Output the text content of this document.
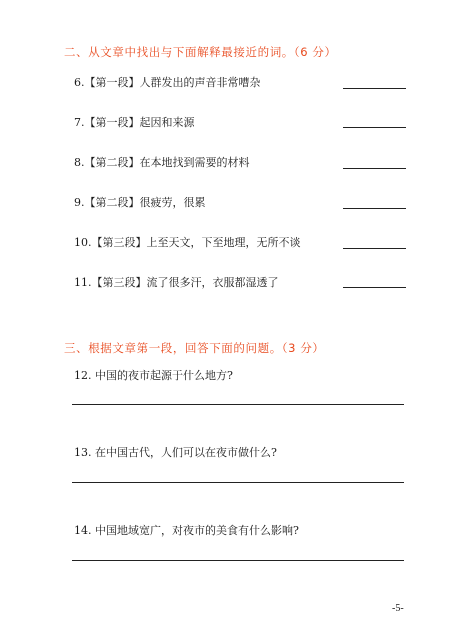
二、从文章中找出与下面解释最接近的词。（6 分）
6.【第一段】人群发出的声音非常嘈杂
7.【第一段】起因和来源
8.【第二段】在本地找到需要的材料
9.【第二段】很疲劳，很累
10.【第三段】上至天文，下至地理，无所不谈
11.【第三段】流了很多汗，衣服都湿透了
三、根据文章第一段，回答下面的问题。（3 分）
12. 中国的夜市起源于什么地方?
13. 在中国古代，人们可以在夜市做什么?
14. 中国地域宽广，对夜市的美食有什么影响?
-5-
